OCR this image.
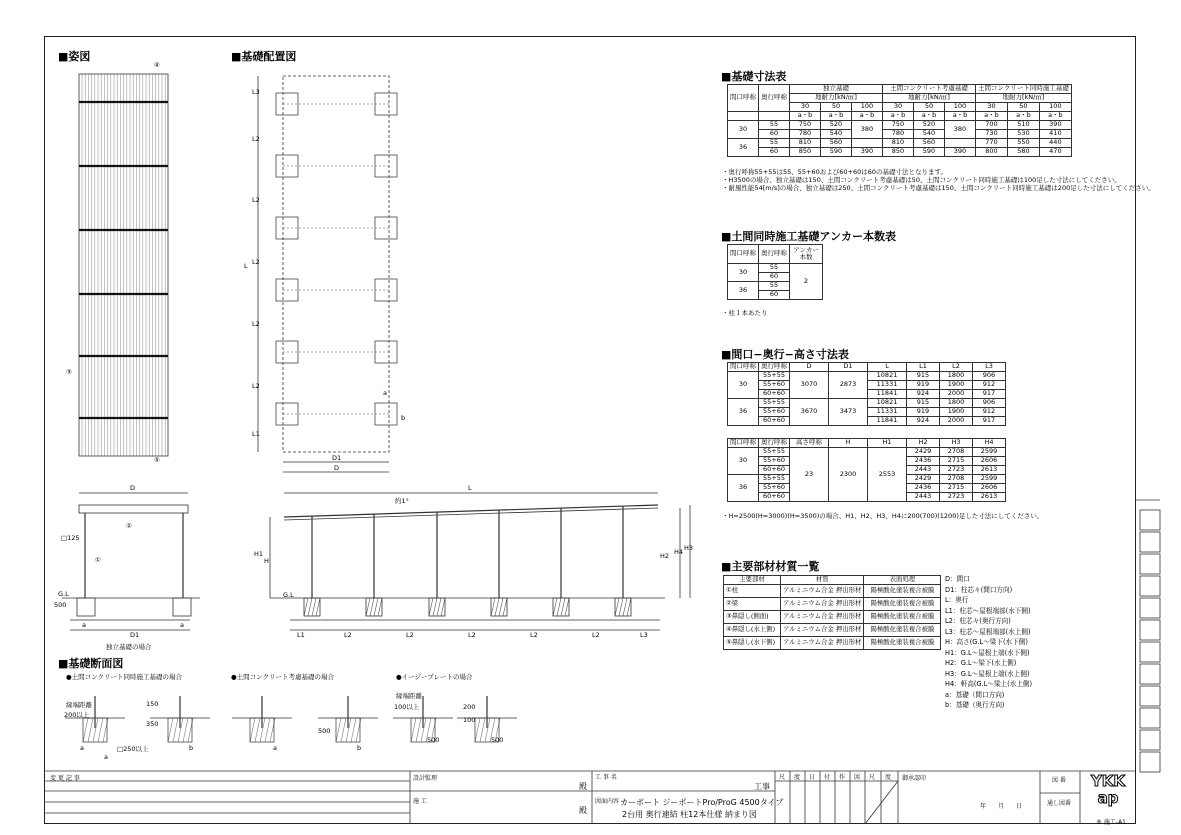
■姿図	■基礎配置図
■基礎寸法表
■土間同時施工基礎アンカー本数表
■間口−奥行−高さ寸法表
■主要部材材質一覧
■基礎断面図
④
③
⑤
D
②
□125
①
G.L
500
a	a
D1
独立基礎の場合
L3
L2
L2
L L2
L2
L2
L1
a
b
D1
D
L
約1°
H1
H
G.L
H2 H4 H3
L1	L2	L2	L2	L2	L2	L3
●土間コンクリート同時施工基礎の場合	●土間コンクリート考慮基礎の場合	●イージープレートの場合
縁端距離
200以上
縁端距離
100以上
□250以上
150
350
500
200
100
a
a	b	a	b
500	500
間口呼称	奥行呼称	独立基礎			土間コンクリート考慮基礎			土間コンクリート同時施工基礎		
		地耐力[kN/㎡]			地耐力[kN/㎡]			地耐力[kN/㎡]		
		30	50	100	30	50	100	30	50	100
		a・b	a・b	a・b	a・b	a・b	a・b	a・b	a・b	a・b
30	55	750	520	380	750	520	380	700	510	390
	60	780	540		780	540		730	530	410
36	55	810	560		810	560		770	550	440
	60	850	590	390	850	590	390	800	580	470
・奥行呼称55+55は55、55+60および60+60は60の基礎寸法となります。
・H3500の場合、独立基礎は150、土間コンクリート考慮基礎は50、土間コンクリート同時施工基礎は100足した寸法にしてください。
・耐風性能54[m/s]の場合、独立基礎は250、土間コンクリート考慮基礎は150、土間コンクリート同時施工基礎は200足した寸法にしてください。
間口呼称	奥行呼称	アンカー本数
30	55	2
	60	
36	55	
	60	
・柱１本あたり
間口呼称	奥行呼称	D	D1	L	L1	L2	L3
30	55+55	3070	2873	10821	915	1800	906
	55+60			11331	919	1900	912
	60+60			11841	924	2000	917
36	55+55	3670	3473	10821	915	1800	906
	55+60			11331	919	1900	912
	60+60			11841	924	2000	917
間口呼称	奥行呼称	高さ呼称	H	H1	H2	H3	H4
30	55+55	23	2300	2553	2429	2708	2599
	55+60				2436	2715	2606
	60+60				2443	2723	2613
36	55+55				2429	2708	2599
	55+60				2436	2715	2606
	60+60				2443	2723	2613
・H=2500(H=3000)(H=3500)の場合、H1、H2、H3、H4に200(700)(1200)足した寸法にしてください。
主要部材	材質	表面処理
①柱	アルミニウム合金 押出形材	陽極酸化塗装複合被膜
②梁	アルミニウム合金 押出形材	陽極酸化塗装複合被膜
③鼻隠し(側面)	アルミニウム合金 押出形材	陽極酸化塗装複合被膜
④鼻隠し(水上側)	アルミニウム合金 押出形材	陽極酸化塗装複合被膜
⑤鼻隠し(水下側)	アルミニウム合金 押出形材	陽極酸化塗装複合被膜
D：間口
D1：柱芯々(間口方向)
L：奥行
L1：柱芯〜屋根端部(水下側)
L2：柱芯々(奥行方向)
L3：柱芯〜屋根端部(水上側)
H：高さ(G.L〜梁下(水下側)
H1：G.L〜屋根上端(水下側)
H2：G.L〜梁下(水上側)
H3：G.L〜屋根上端(水上側)
H4：軒高(G.L〜梁上(水上側)
a：基礎（間口方向)
b：基礎（奥行方向)
変 更 記 事	設計監理
殿
施 工
殿
工 事 名
工事
図面内容 カーポート ジーポートPro/ProG 4500タイプ
2台用 奥行連結 柱12本仕様 納まり図
尺 度 日 付 作 図 尺 度 御承認印
年　　月　　日
図 番
通し図番
YKK ap
® 施工-A1
